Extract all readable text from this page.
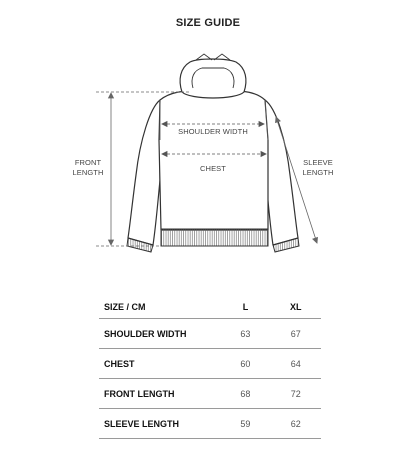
SIZE GUIDE
SHOULDER WIDTH
CHEST
FRONT
LENGTH
SLEEVE
LENGTH
SIZE / CM	L	XL
SHOULDER WIDTH	63	67
CHEST	60	64
FRONT LENGTH	68	72
SLEEVE LENGTH	59	62
